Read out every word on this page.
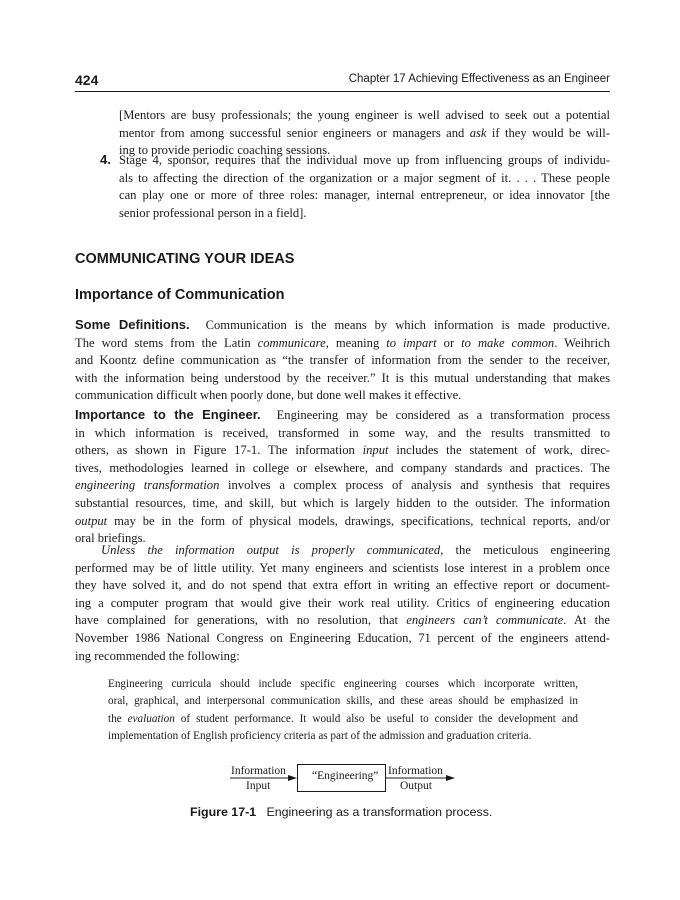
424	Chapter 17 Achieving Effectiveness as an Engineer
[Mentors are busy professionals; the young engineer is well advised to seek out a potential
mentor from among successful senior engineers or managers and ask if they would be will-
ing to provide periodic coaching sessions.
4. Stage 4, sponsor, requires that the individual move up from influencing groups of individu-
als to affecting the direction of the organization or a major segment of it. . . . These people
can play one or more of three roles: manager, internal entrepreneur, or idea innovator [the
senior professional person in a field].
COMMUNICATING YOUR IDEAS
Importance of Communication
Some Definitions. Communication is the means by which information is made productive.
The word stems from the Latin communicare, meaning to impart or to make common. Weihrich
and Koontz define communication as “the transfer of information from the sender to the receiver,
with the information being understood by the receiver.” It is this mutual understanding that makes
communication difficult when poorly done, but done well makes it effective.
Importance to the Engineer. Engineering may be considered as a transformation process
in which information is received, transformed in some way, and the results transmitted to
others, as shown in Figure 17-1. The information input includes the statement of work, direc-
tives, methodologies learned in college or elsewhere, and company standards and practices. The
engineering transformation involves a complex process of analysis and synthesis that requires
substantial resources, time, and skill, but which is largely hidden to the outsider. The information
output may be in the form of physical models, drawings, specifications, technical reports, and/or
oral briefings.
Unless the information output is properly communicated, the meticulous engineering
performed may be of little utility. Yet many engineers and scientists lose interest in a problem once
they have solved it, and do not spend that extra effort in writing an effective report or document-
ing a computer program that would give their work real utility. Critics of engineering education
have complained for generations, with no resolution, that engineers can’t communicate. At the
November 1986 National Congress on Engineering Education, 71 percent of the engineers attend-
ing recommended the following:
Engineering curricula should include specific engineering courses which incorporate written,
oral, graphical, and interpersonal communication skills, and these areas should be emphasized in
the evaluation of student performance. It would also be useful to consider the development and
implementation of English proficiency criteria as part of the admission and graduation criteria.
Information
Input
“Engineering” Information
Output
Figure 17-1 Engineering as a transformation process.
